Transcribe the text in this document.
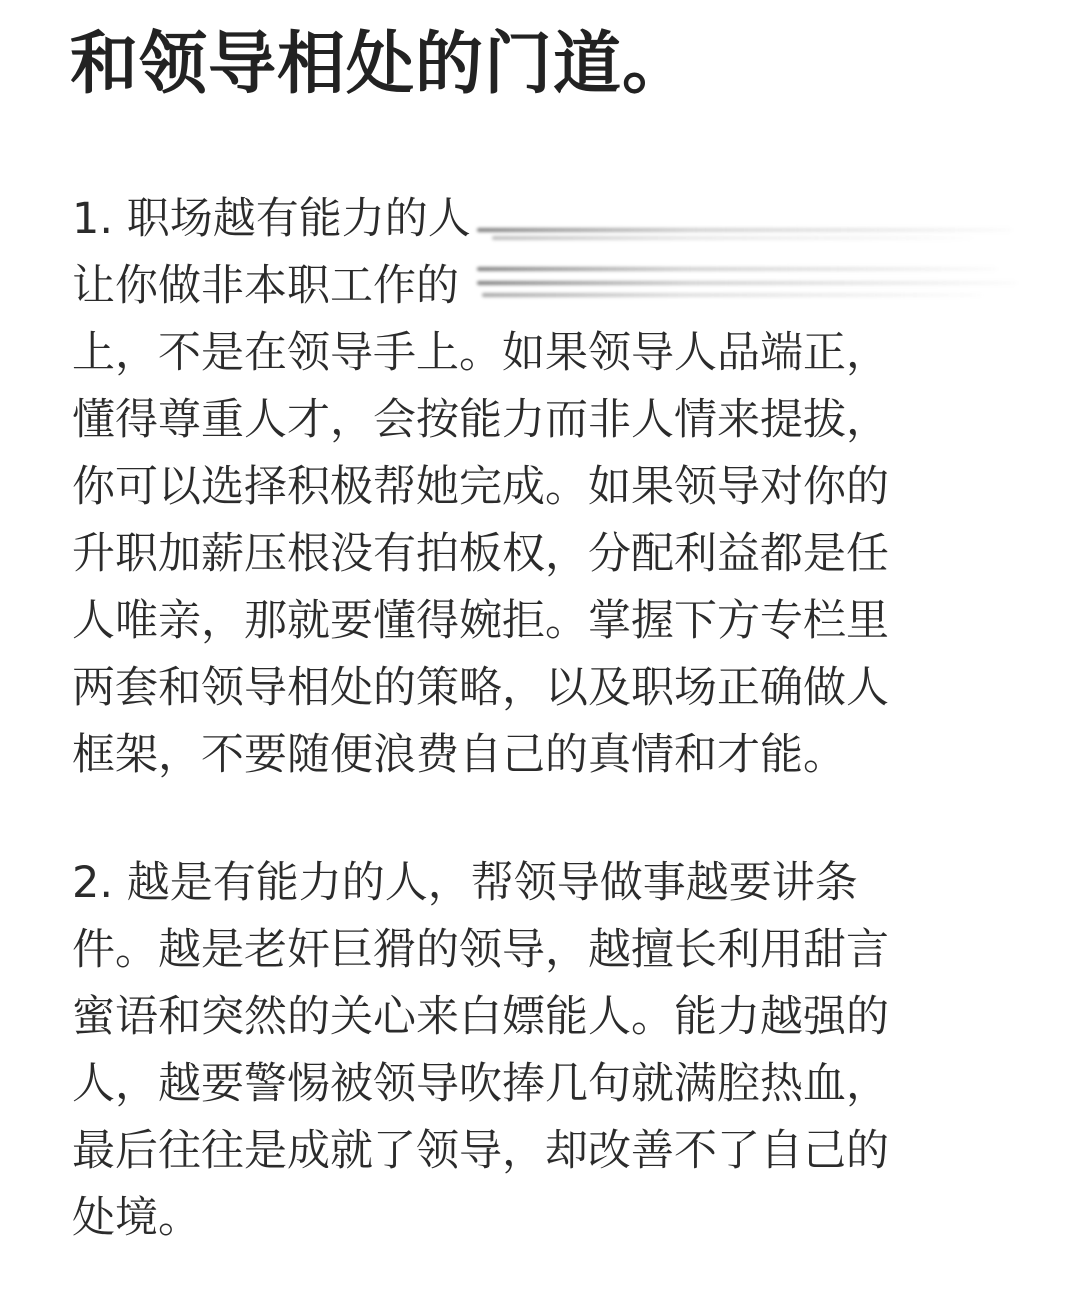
和领导相处的门道。
1. 职场越有能力的人
让你做非本职工作的
上，不是在领导手上。如果领导人品端正，
懂得尊重人才，会按能力而非人情来提拔，
你可以选择积极帮她完成。如果领导对你的
升职加薪压根没有拍板权，分配利益都是任
人唯亲，那就要懂得婉拒。掌握下方专栏里
两套和领导相处的策略，以及职场正确做人
框架，不要随便浪费自己的真情和才能。
2. 越是有能力的人，帮领导做事越要讲条
件。越是老奸巨猾的领导，越擅长利用甜言
蜜语和突然的关心来白嫖能人。能力越强的
人，越要警惕被领导吹捧几句就满腔热血，
最后往往是成就了领导，却改善不了自己的
处境。
